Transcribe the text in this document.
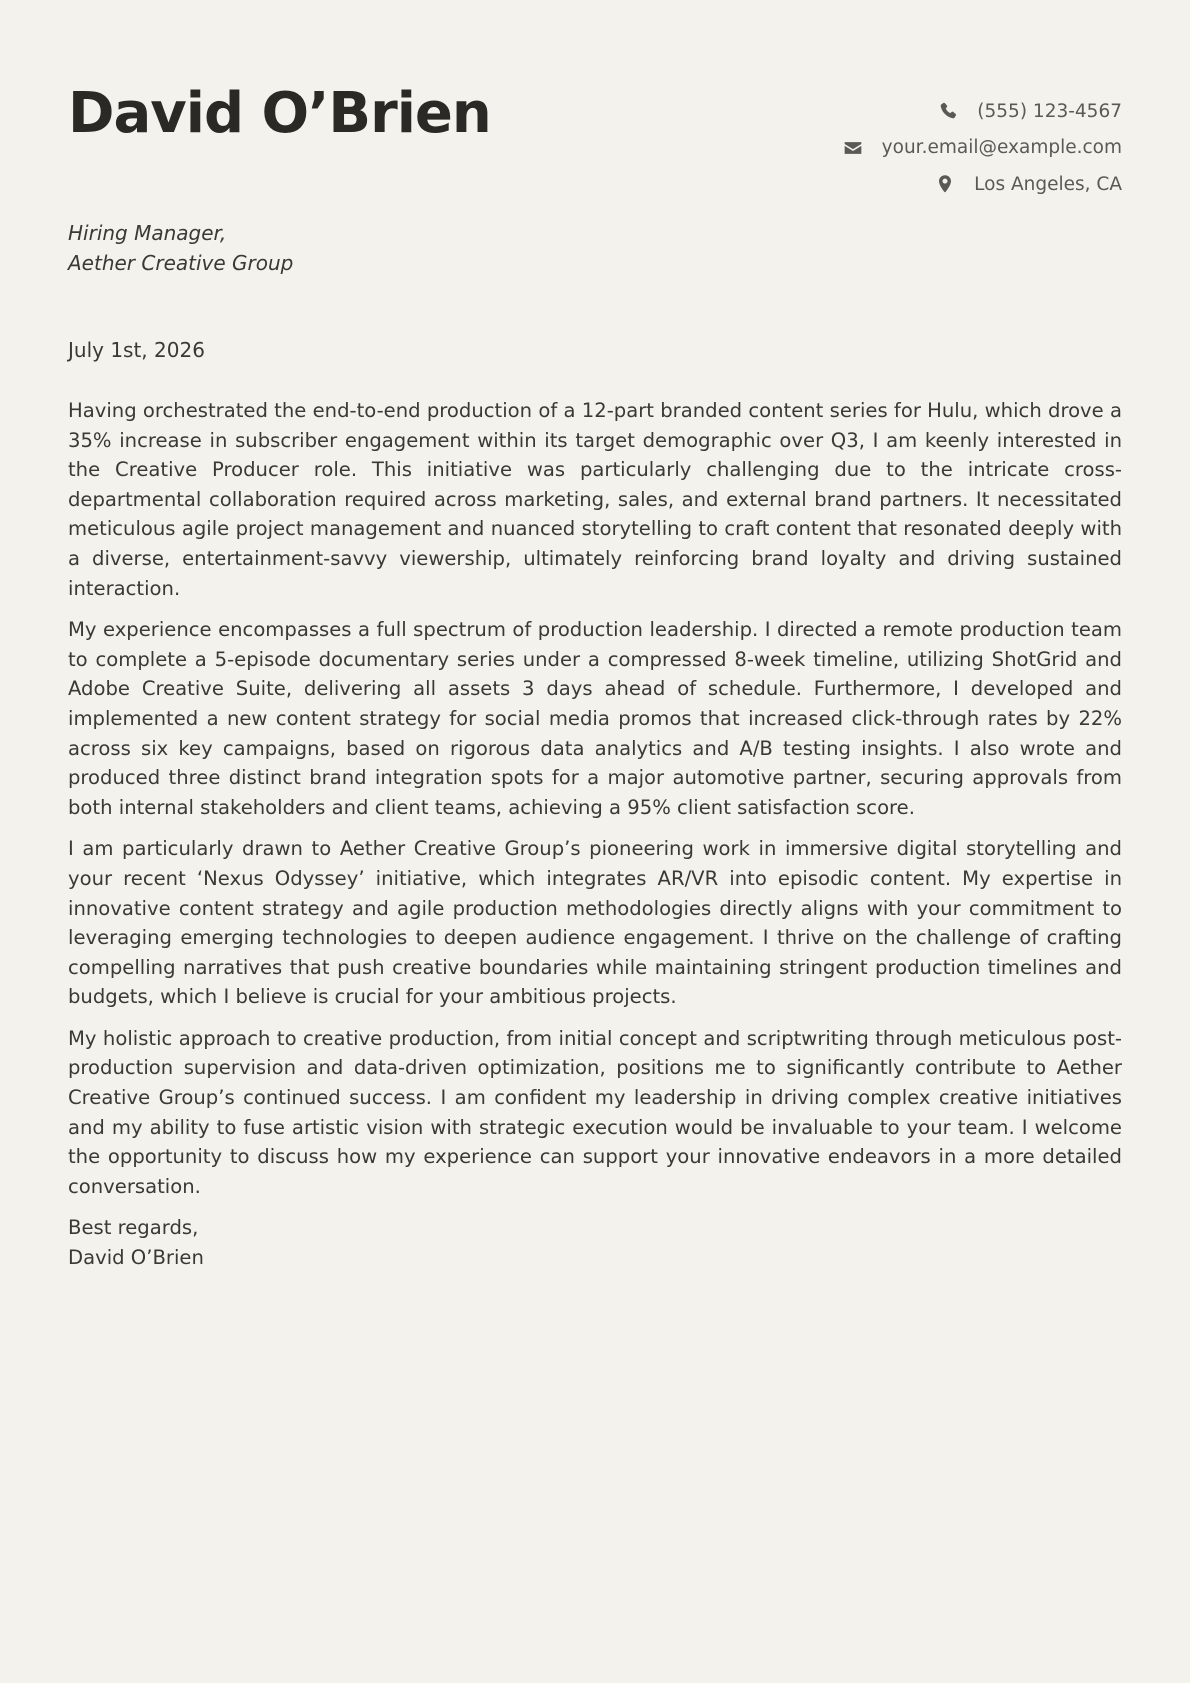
David O’Brien	(555) 123-4567
your.email@example.com
Los Angeles, CA

Hiring Manager,
Aether Creative Group

July 1st, 2026

Having orchestrated the end-to-end production of a 12-part branded content series for Hulu, which drove a 35% increase in subscriber engagement within its target demographic over Q3, I am keenly interested in the Creative Producer role. This initiative was particularly challenging due to the intricate cross-departmental collaboration required across marketing, sales, and external brand partners. It necessitated meticulous agile project management and nuanced storytelling to craft content that resonated deeply with a diverse, entertainment-savvy viewership, ultimately reinforcing brand loyalty and driving sustained interaction.

My experience encompasses a full spectrum of production leadership. I directed a remote production team to complete a 5-episode documentary series under a compressed 8-week timeline, utilizing ShotGrid and Adobe Creative Suite, delivering all assets 3 days ahead of schedule. Furthermore, I developed and implemented a new content strategy for social media promos that increased click-through rates by 22% across six key campaigns, based on rigorous data analytics and A/B testing insights. I also wrote and produced three distinct brand integration spots for a major automotive partner, securing approvals from both internal stakeholders and client teams, achieving a 95% client satisfaction score.

I am particularly drawn to Aether Creative Group’s pioneering work in immersive digital storytelling and your recent ‘Nexus Odyssey’ initiative, which integrates AR/VR into episodic content. My expertise in innovative content strategy and agile production methodologies directly aligns with your commitment to leveraging emerging technologies to deepen audience engagement. I thrive on the challenge of crafting compelling narratives that push creative boundaries while maintaining stringent production timelines and budgets, which I believe is crucial for your ambitious projects.

My holistic approach to creative production, from initial concept and scriptwriting through meticulous post-production supervision and data-driven optimization, positions me to significantly contribute to Aether Creative Group’s continued success. I am confident my leadership in driving complex creative initiatives and my ability to fuse artistic vision with strategic execution would be invaluable to your team. I welcome the opportunity to discuss how my experience can support your innovative endeavors in a more detailed conversation.

Best regards,
David O’Brien
